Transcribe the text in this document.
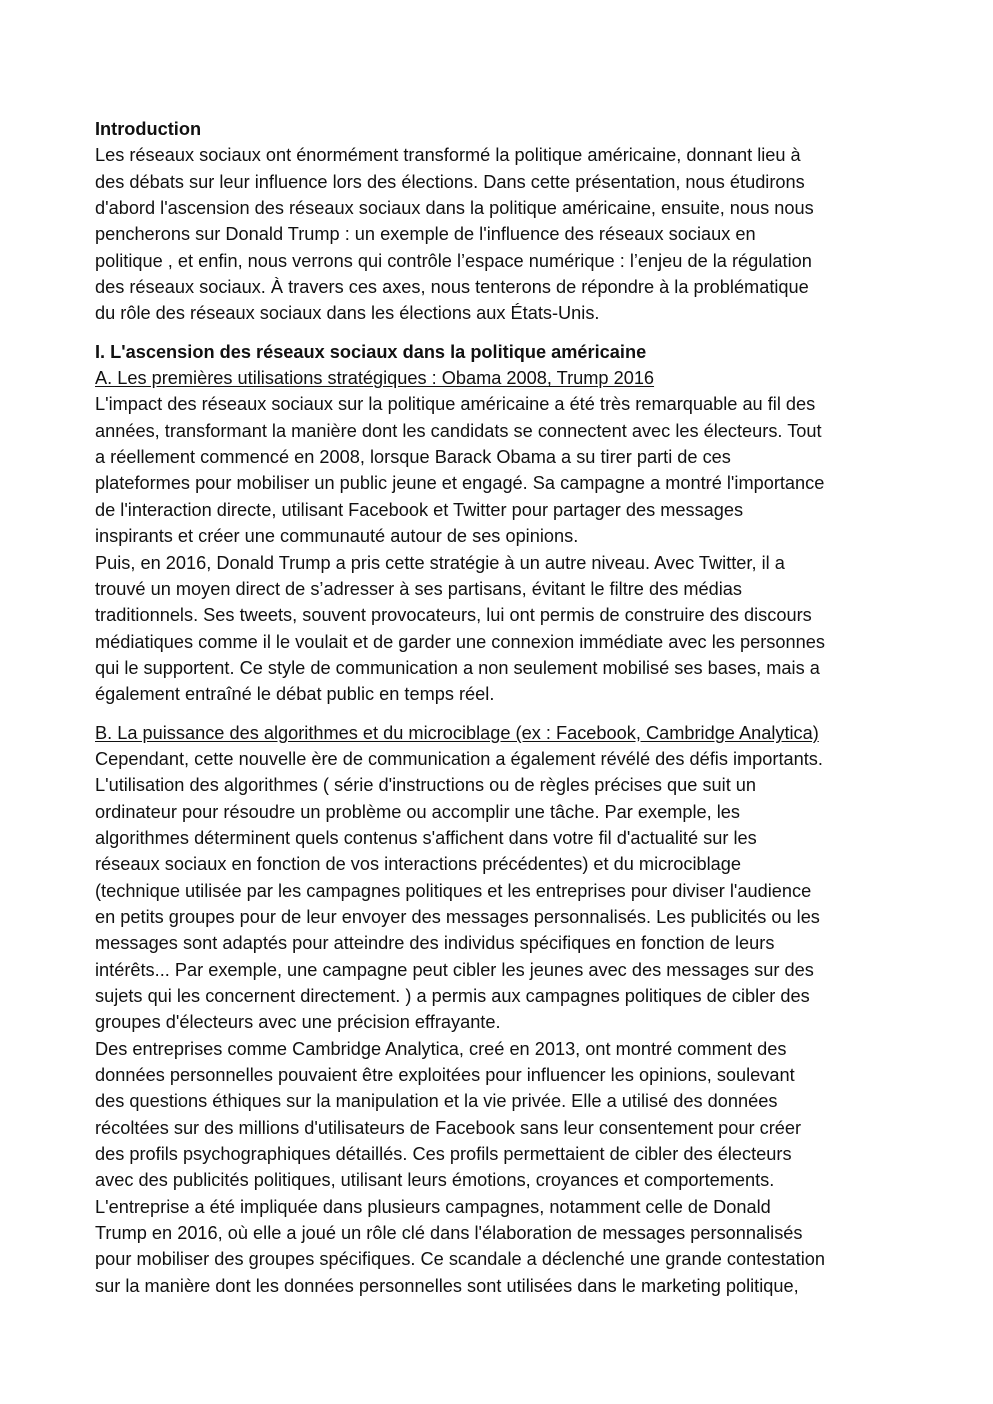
Introduction
Les réseaux sociaux ont énormément transformé la politique américaine, donnant lieu à
des débats sur leur influence lors des élections. Dans cette présentation, nous étudirons
d'abord l'ascension des réseaux sociaux dans la politique américaine, ensuite, nous nous
pencherons sur Donald Trump : un exemple de l'influence des réseaux sociaux en
politique , et enfin, nous verrons qui contrôle l’espace numérique : l’enjeu de la régulation
des réseaux sociaux. À travers ces axes, nous tenterons de répondre à la problématique
du rôle des réseaux sociaux dans les élections aux États-Unis.
I. L'ascension des réseaux sociaux dans la politique américaine
A. Les premières utilisations stratégiques : Obama 2008, Trump 2016
L'impact des réseaux sociaux sur la politique américaine a été très remarquable au fil des
années, transformant la manière dont les candidats se connectent avec les électeurs. Tout
a réellement commencé en 2008, lorsque Barack Obama a su tirer parti de ces
plateformes pour mobiliser un public jeune et engagé. Sa campagne a montré l'importance
de l'interaction directe, utilisant Facebook et Twitter pour partager des messages
inspirants et créer une communauté autour de ses opinions.
Puis, en 2016, Donald Trump a pris cette stratégie à un autre niveau. Avec Twitter, il a
trouvé un moyen direct de s’adresser à ses partisans, évitant le filtre des médias
traditionnels. Ses tweets, souvent provocateurs, lui ont permis de construire des discours
médiatiques comme il le voulait et de garder une connexion immédiate avec les personnes
qui le supportent. Ce style de communication a non seulement mobilisé ses bases, mais a
également entraîné le débat public en temps réel.
B. La puissance des algorithmes et du microciblage (ex : Facebook, Cambridge Analytica)
Cependant, cette nouvelle ère de communication a également révélé des défis importants.
L'utilisation des algorithmes ( série d'instructions ou de règles précises que suit un
ordinateur pour résoudre un problème ou accomplir une tâche. Par exemple, les
algorithmes déterminent quels contenus s'affichent dans votre fil d'actualité sur les
réseaux sociaux en fonction de vos interactions précédentes) et du microciblage
(technique utilisée par les campagnes politiques et les entreprises pour diviser l'audience
en petits groupes pour de leur envoyer des messages personnalisés. Les publicités ou les
messages sont adaptés pour atteindre des individus spécifiques en fonction de leurs
intérêts... Par exemple, une campagne peut cibler les jeunes avec des messages sur des
sujets qui les concernent directement. ) a permis aux campagnes politiques de cibler des
groupes d'électeurs avec une précision effrayante.
Des entreprises comme Cambridge Analytica, creé en 2013, ont montré comment des
données personnelles pouvaient être exploitées pour influencer les opinions, soulevant
des questions éthiques sur la manipulation et la vie privée. Elle a utilisé des données
récoltées sur des millions d'utilisateurs de Facebook sans leur consentement pour créer
des profils psychographiques détaillés. Ces profils permettaient de cibler des électeurs
avec des publicités politiques, utilisant leurs émotions, croyances et comportements.
L'entreprise a été impliquée dans plusieurs campagnes, notamment celle de Donald
Trump en 2016, où elle a joué un rôle clé dans l'élaboration de messages personnalisés
pour mobiliser des groupes spécifiques. Ce scandale a déclenché une grande contestation
sur la manière dont les données personnelles sont utilisées dans le marketing politique,
